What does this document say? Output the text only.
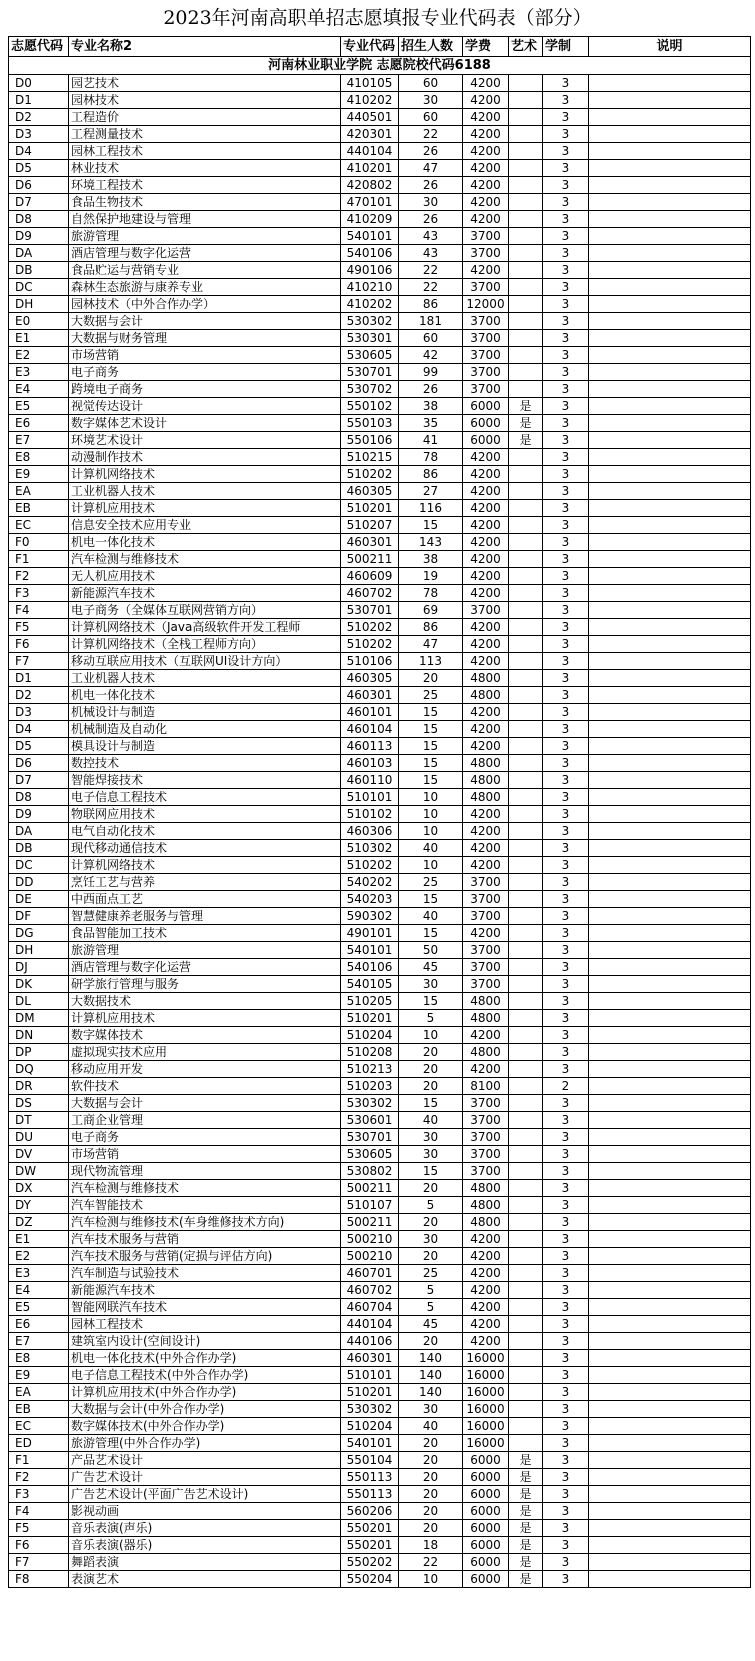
2023年河南高职单招志愿填报专业代码表（部分）
志愿代码	专业名称2	专业代码	招生人数	学费	艺术	学制	说明
河南林业职业学院 志愿院校代码6188							
D0	园艺技术	410105	60	4200		3	
D1	园林技术	410202	30	4200		3	
D2	工程造价	440501	60	4200		3	
D3	工程测量技术	420301	22	4200		3	
D4	园林工程技术	440104	26	4200		3	
D5	林业技术	410201	47	4200		3	
D6	环境工程技术	420802	26	4200		3	
D7	食品生物技术	470101	30	4200		3	
D8	自然保护地建设与管理	410209	26	4200		3	
D9	旅游管理	540101	43	3700		3	
DA	酒店管理与数字化运营	540106	43	3700		3	
DB	食品贮运与营销专业	490106	22	4200		3	
DC	森林生态旅游与康养专业	410210	22	3700		3	
DH	园林技术（中外合作办学）	410202	86	12000		3	
E0	大数据与会计	530302	181	3700		3	
E1	大数据与财务管理	530301	60	3700		3	
E2	市场营销	530605	42	3700		3	
E3	电子商务	530701	99	3700		3	
E4	跨境电子商务	530702	26	3700		3	
E5	视觉传达设计	550102	38	6000	是	3	
E6	数字媒体艺术设计	550103	35	6000	是	3	
E7	环境艺术设计	550106	41	6000	是	3	
E8	动漫制作技术	510215	78	4200		3	
E9	计算机网络技术	510202	86	4200		3	
EA	工业机器人技术	460305	27	4200		3	
EB	计算机应用技术	510201	116	4200		3	
EC	信息安全技术应用专业	510207	15	4200		3	
F0	机电一体化技术	460301	143	4200		3	
F1	汽车检测与维修技术	500211	38	4200		3	
F2	无人机应用技术	460609	19	4200		3	
F3	新能源汽车技术	460702	78	4200		3	
F4	电子商务（全媒体互联网营销方向）	530701	69	3700		3	
F5	计算机网络技术（Java高级软件开发工程师	510202	86	4200		3	
F6	计算机网络技术（全栈工程师方向）	510202	47	4200		3	
F7	移动互联应用技术（互联网UI设计方向）	510106	113	4200		3	
D1	工业机器人技术	460305	20	4800		3	
D2	机电一体化技术	460301	25	4800		3	
D3	机械设计与制造	460101	15	4200		3	
D4	机械制造及自动化	460104	15	4200		3	
D5	模具设计与制造	460113	15	4200		3	
D6	数控技术	460103	15	4800		3	
D7	智能焊接技术	460110	15	4800		3	
D8	电子信息工程技术	510101	10	4800		3	
D9	物联网应用技术	510102	10	4200		3	
DA	电气自动化技术	460306	10	4200		3	
DB	现代移动通信技术	510302	40	4200		3	
DC	计算机网络技术	510202	10	4200		3	
DD	烹饪工艺与营养	540202	25	3700		3	
DE	中西面点工艺	540203	15	3700		3	
DF	智慧健康养老服务与管理	590302	40	3700		3	
DG	食品智能加工技术	490101	15	4200		3	
DH	旅游管理	540101	50	3700		3	
DJ	酒店管理与数字化运营	540106	45	3700		3	
DK	研学旅行管理与服务	540105	30	3700		3	
DL	大数据技术	510205	15	4800		3	
DM	计算机应用技术	510201	5	4800		3	
DN	数字媒体技术	510204	10	4200		3	
DP	虚拟现实技术应用	510208	20	4800		3	
DQ	移动应用开发	510213	20	4200		3	
DR	软件技术	510203	20	8100		2	
DS	大数据与会计	530302	15	3700		3	
DT	工商企业管理	530601	40	3700		3	
DU	电子商务	530701	30	3700		3	
DV	市场营销	530605	30	3700		3	
DW	现代物流管理	530802	15	3700		3	
DX	汽车检测与维修技术	500211	20	4800		3	
DY	汽车智能技术	510107	5	4800		3	
DZ	汽车检测与维修技术(车身维修技术方向)	500211	20	4800		3	
E1	汽车技术服务与营销	500210	30	4200		3	
E2	汽车技术服务与营销(定损与评估方向)	500210	20	4200		3	
E3	汽车制造与试验技术	460701	25	4200		3	
E4	新能源汽车技术	460702	5	4200		3	
E5	智能网联汽车技术	460704	5	4200		3	
E6	园林工程技术	440104	45	4200		3	
E7	建筑室内设计(空间设计)	440106	20	4200		3	
E8	机电一体化技术(中外合作办学)	460301	140	16000		3	
E9	电子信息工程技术(中外合作办学)	510101	140	16000		3	
EA	计算机应用技术(中外合作办学)	510201	140	16000		3	
EB	大数据与会计(中外合作办学)	530302	30	16000		3	
EC	数字媒体技术(中外合作办学)	510204	40	16000		3	
ED	旅游管理(中外合作办学)	540101	20	16000		3	
F1	产品艺术设计	550104	20	6000	是	3	
F2	广告艺术设计	550113	20	6000	是	3	
F3	广告艺术设计(平面广告艺术设计)	550113	20	6000	是	3	
F4	影视动画	560206	20	6000	是	3	
F5	音乐表演(声乐)	550201	20	6000	是	3	
F6	音乐表演(器乐)	550201	18	6000	是	3	
F7	舞蹈表演	550202	22	6000	是	3	
F8	表演艺术	550204	10	6000	是	3	
